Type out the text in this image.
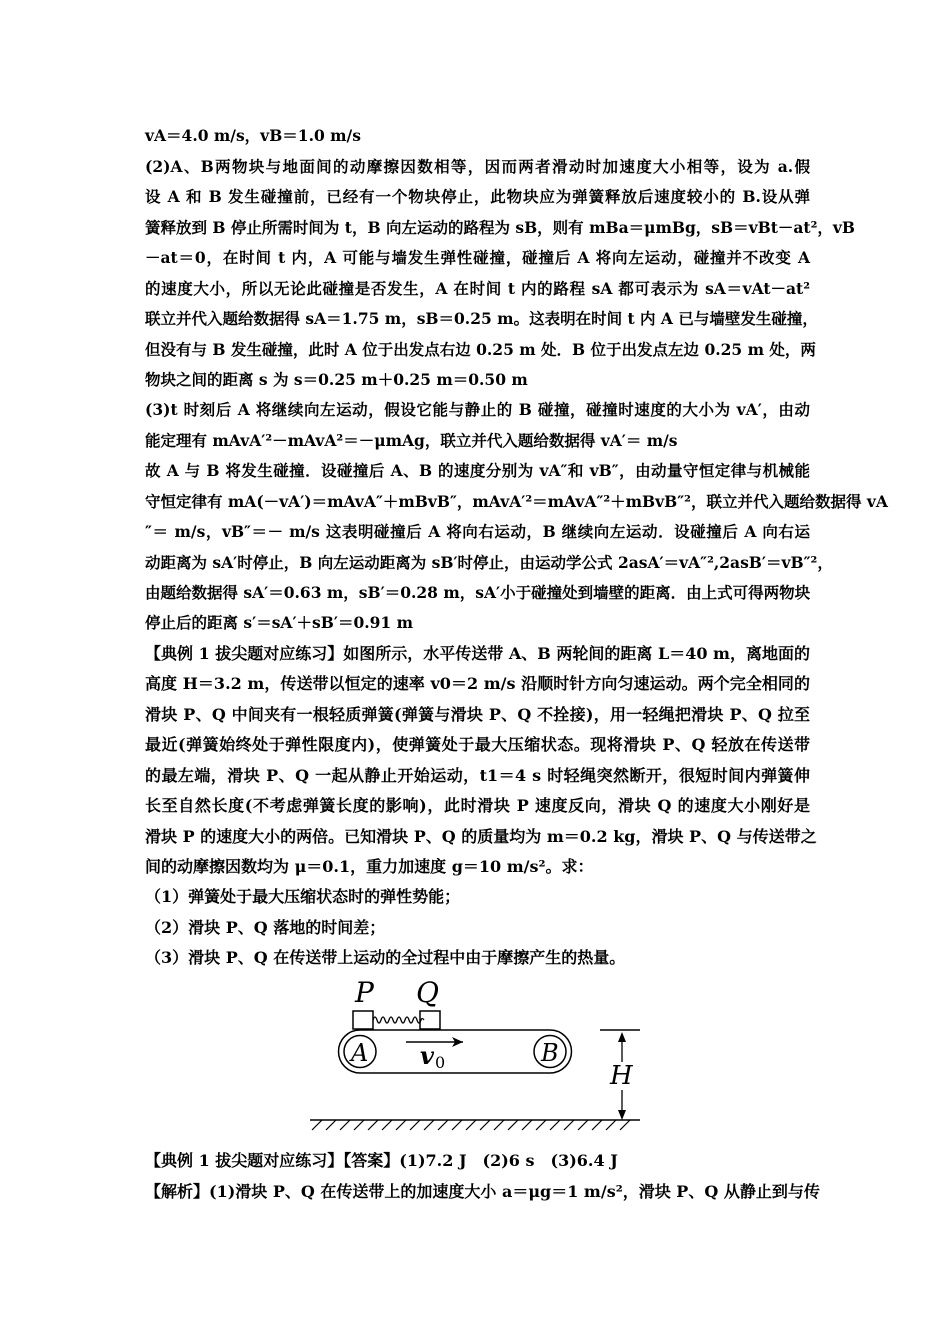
vA＝4.0 m/s，vB＝1.0 m/s
(2)A、B两物块与地面间的动摩擦因数相等，因而两者滑动时加速度大小相等，设为 a.假
设 A 和 B 发生碰撞前，已经有一个物块停止，此物块应为弹簧释放后速度较小的 B.设从弹
簧释放到 B 停止所需时间为 t，B 向左运动的路程为 sB，则有 mBa＝μmBg，sB＝vBt－at²，vB
－at＝0，在时间 t 内，A 可能与墙发生弹性碰撞，碰撞后 A 将向左运动，碰撞并不改变 A
的速度大小，所以无论此碰撞是否发生，A 在时间 t 内的路程 sA 都可表示为 sA＝vAt－at²
联立并代入题给数据得 sA＝1.75 m，sB＝0.25 m。这表明在时间 t 内 A 已与墙壁发生碰撞，
但没有与 B 发生碰撞，此时 A 位于出发点右边 0.25 m 处．B 位于出发点左边 0.25 m 处，两
物块之间的距离 s 为 s＝0.25 m＋0.25 m＝0.50 m
(3)t 时刻后 A 将继续向左运动，假设它能与静止的 B 碰撞，碰撞时速度的大小为 vA′，由动
能定理有 mAvA′²－mAvA²＝－μmAg，联立并代入题给数据得 vA′＝ m/s
故 A 与 B 将发生碰撞．设碰撞后 A、B 的速度分别为 vA″和 vB″，由动量守恒定律与机械能
守恒定律有 mA(－vA′)＝mAvA″＋mBvB″，mAvA′²＝mAvA″²＋mBvB″²，联立并代入题给数据得 vA
″＝ m/s，vB″＝－ m/s 这表明碰撞后 A 将向右运动，B 继续向左运动．设碰撞后 A 向右运
动距离为 sA′时停止，B 向左运动距离为 sB′时停止，由运动学公式 2asA′＝vA″²,2asB′＝vB″²，
由题给数据得 sA′＝0.63 m，sB′＝0.28 m，sA′小于碰撞处到墙壁的距离．由上式可得两物块
停止后的距离 s′＝sA′＋sB′＝0.91 m
【典例 1 拔尖题对应练习】如图所示，水平传送带 A、B 两轮间的距离 L＝40 m，离地面的
高度 H＝3.2 m，传送带以恒定的速率 v0＝2 m/s 沿顺时针方向匀速运动。两个完全相同的
滑块 P、Q 中间夹有一根轻质弹簧(弹簧与滑块 P、Q 不拴接)，用一轻绳把滑块 P、Q 拉至
最近(弹簧始终处于弹性限度内)，使弹簧处于最大压缩状态。现将滑块 P、Q 轻放在传送带
的最左端，滑块 P、Q 一起从静止开始运动，t1＝4 s 时轻绳突然断开，很短时间内弹簧伸
长至自然长度(不考虑弹簧长度的影响)，此时滑块 P 速度反向，滑块 Q 的速度大小刚好是
滑块 P 的速度大小的两倍。已知滑块 P、Q 的质量均为 m＝0.2 kg，滑块 P、Q 与传送带之
间的动摩擦因数均为 μ＝0.1，重力加速度 g＝10 m/s²。求：
（1）弹簧处于最大压缩状态时的弹性势能；
（2）滑块 P、Q 落地的时间差；
（3）滑块 P、Q 在传送带上运动的全过程中由于摩擦产生的热量。
P Q
A	B
v 0	H
【典例 1 拔尖题对应练习】【答案】(1)7.2 J　(2)6 s　(3)6.4 J
【解析】(1)滑块 P、Q 在传送带上的加速度大小 a＝μg＝1 m/s²，滑块 P、Q 从静止到与传
